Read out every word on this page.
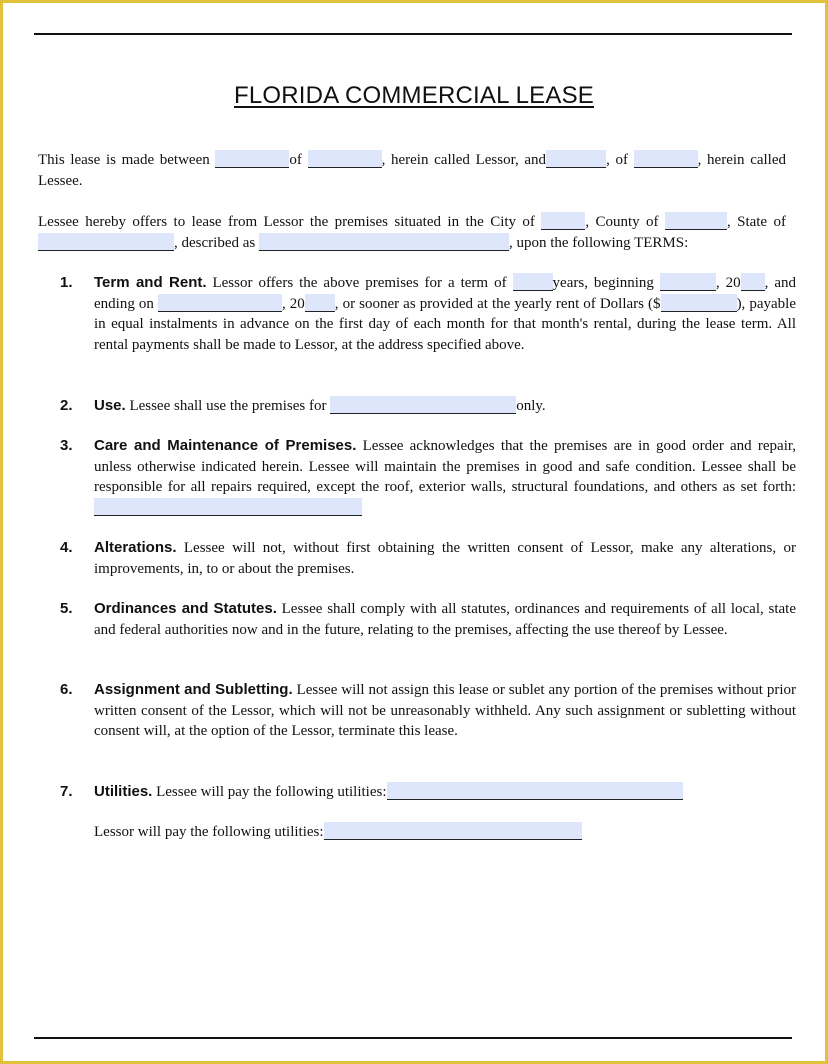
FLORIDA COMMERCIAL LEASE
This lease is made between	of	, herein called Lessor, and	, of	, herein called Lessee.
Lessee hereby offers to lease from Lessor the premises situated in the City of	, County of	, State of , described as	, upon the following TERMS:
1. Term and Rent. Lessor offers the above premises for a term of	years, beginning	, 20 , and ending on	, 20 , or sooner as provided at the yearly rent of Dollars ($	), payable in equal instalments in advance on the first day of each month for that month's rental, during the lease term. All rental payments shall be made to Lessor, at the address specified above.
2. Use. Lessee shall use the premises for	only.
3. Care and Maintenance of Premises. Lessee acknowledges that the premises are in good order and repair, unless otherwise indicated herein. Lessee will maintain the premises in good and safe condition. Lessee shall be responsible for all repairs required, except the roof, exterior walls, structural foundations, and others as set forth:
4. Alterations. Lessee will not, without first obtaining the written consent of Lessor, make any alterations, or improvements, in, to or about the premises.
5. Ordinances and Statutes. Lessee shall comply with all statutes, ordinances and requirements of all local, state and federal authorities now and in the future, relating to the premises, affecting the use thereof by Lessee.
6. Assignment and Subletting. Lessee will not assign this lease or sublet any portion of the premises without prior written consent of the Lessor, which will not be unreasonably withheld. Any such assignment or subletting without consent will, at the option of the Lessor, terminate this lease.
7. Utilities. Lessee will pay the following utilities:
Lessor will pay the following utilities:
